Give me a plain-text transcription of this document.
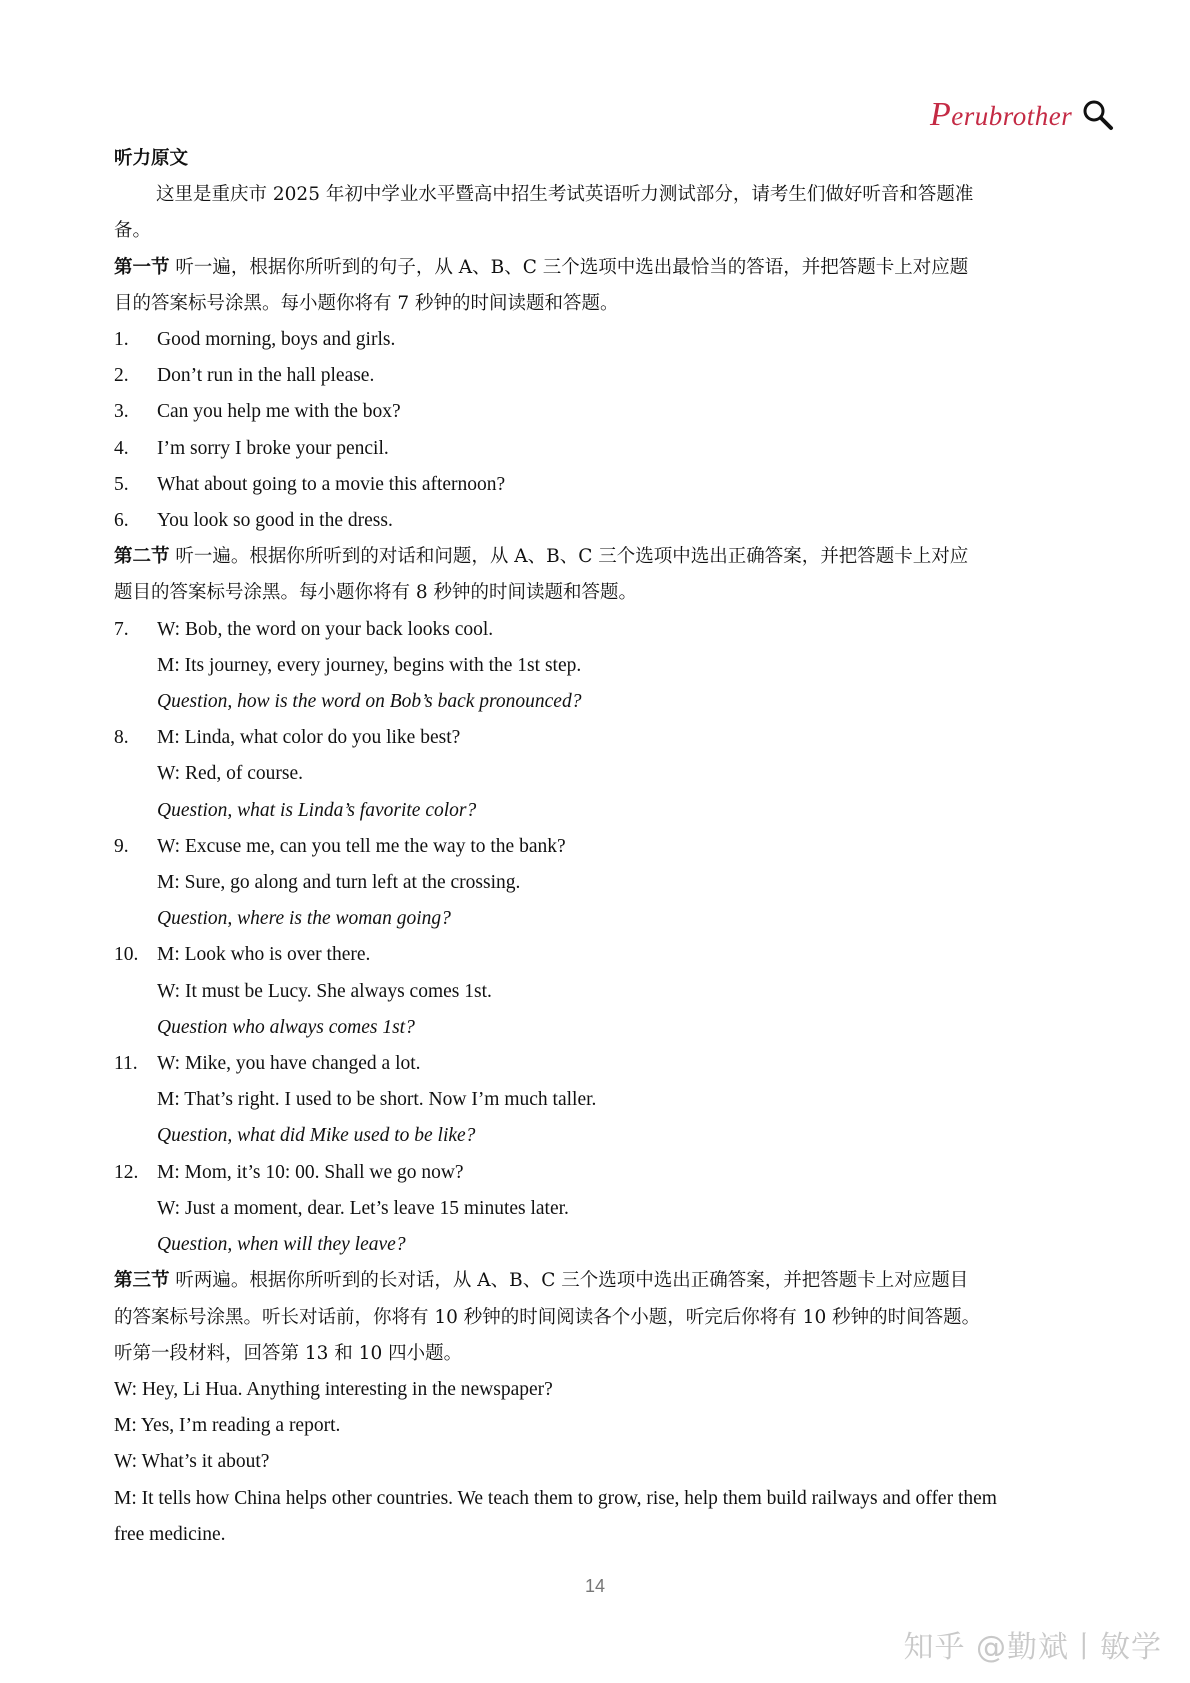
Perubrother
听力原文
这里是重庆市 2025 年初中学业水平暨高中招生考试英语听力测试部分，请考生们做好听音和答题准
备。
第一节 听一遍，根据你所听到的句子，从 A、B、C 三个选项中选出最恰当的答语，并把答题卡上对应题
目的答案标号涂黑。每小题你将有 7 秒钟的时间读题和答题。
1. Good morning, boys and girls.
2. Don’t run in the hall please.
3. Can you help me with the box?
4. I’m sorry I broke your pencil.
5. What about going to a movie this afternoon?
6. You look so good in the dress.
第二节 听一遍。根据你所听到的对话和问题，从 A、B、C 三个选项中选出正确答案，并把答题卡上对应
题目的答案标号涂黑。每小题你将有 8 秒钟的时间读题和答题。
7. W: Bob, the word on your back looks cool.
M: Its journey, every journey, begins with the 1st step.
Question, how is the word on Bob’s back pronounced?
8. M: Linda, what color do you like best?
W: Red, of course.
Question, what is Linda’s favorite color?
9. W: Excuse me, can you tell me the way to the bank?
M: Sure, go along and turn left at the crossing.
Question, where is the woman going?
10. M: Look who is over there.
W: It must be Lucy. She always comes 1st.
Question who always comes 1st?
11. W: Mike, you have changed a lot.
M: That’s right. I used to be short. Now I’m much taller.
Question, what did Mike used to be like?
12. M: Mom, it’s 10: 00. Shall we go now?
W: Just a moment, dear. Let’s leave 15 minutes later.
Question, when will they leave?
第三节 听两遍。根据你所听到的长对话，从 A、B、C 三个选项中选出正确答案，并把答题卡上对应题目
的答案标号涂黑。听长对话前，你将有 10 秒钟的时间阅读各个小题，听完后你将有 10 秒钟的时间答题。
听第一段材料，回答第 13 和 10 四小题。
W: Hey, Li Hua. Anything interesting in the newspaper?
M: Yes, I’m reading a report.
W: What’s it about?
M: It tells how China helps other countries. We teach them to grow, rise, help them build railways and offer them
free medicine.
14
知乎 @勤斌丨敏学
